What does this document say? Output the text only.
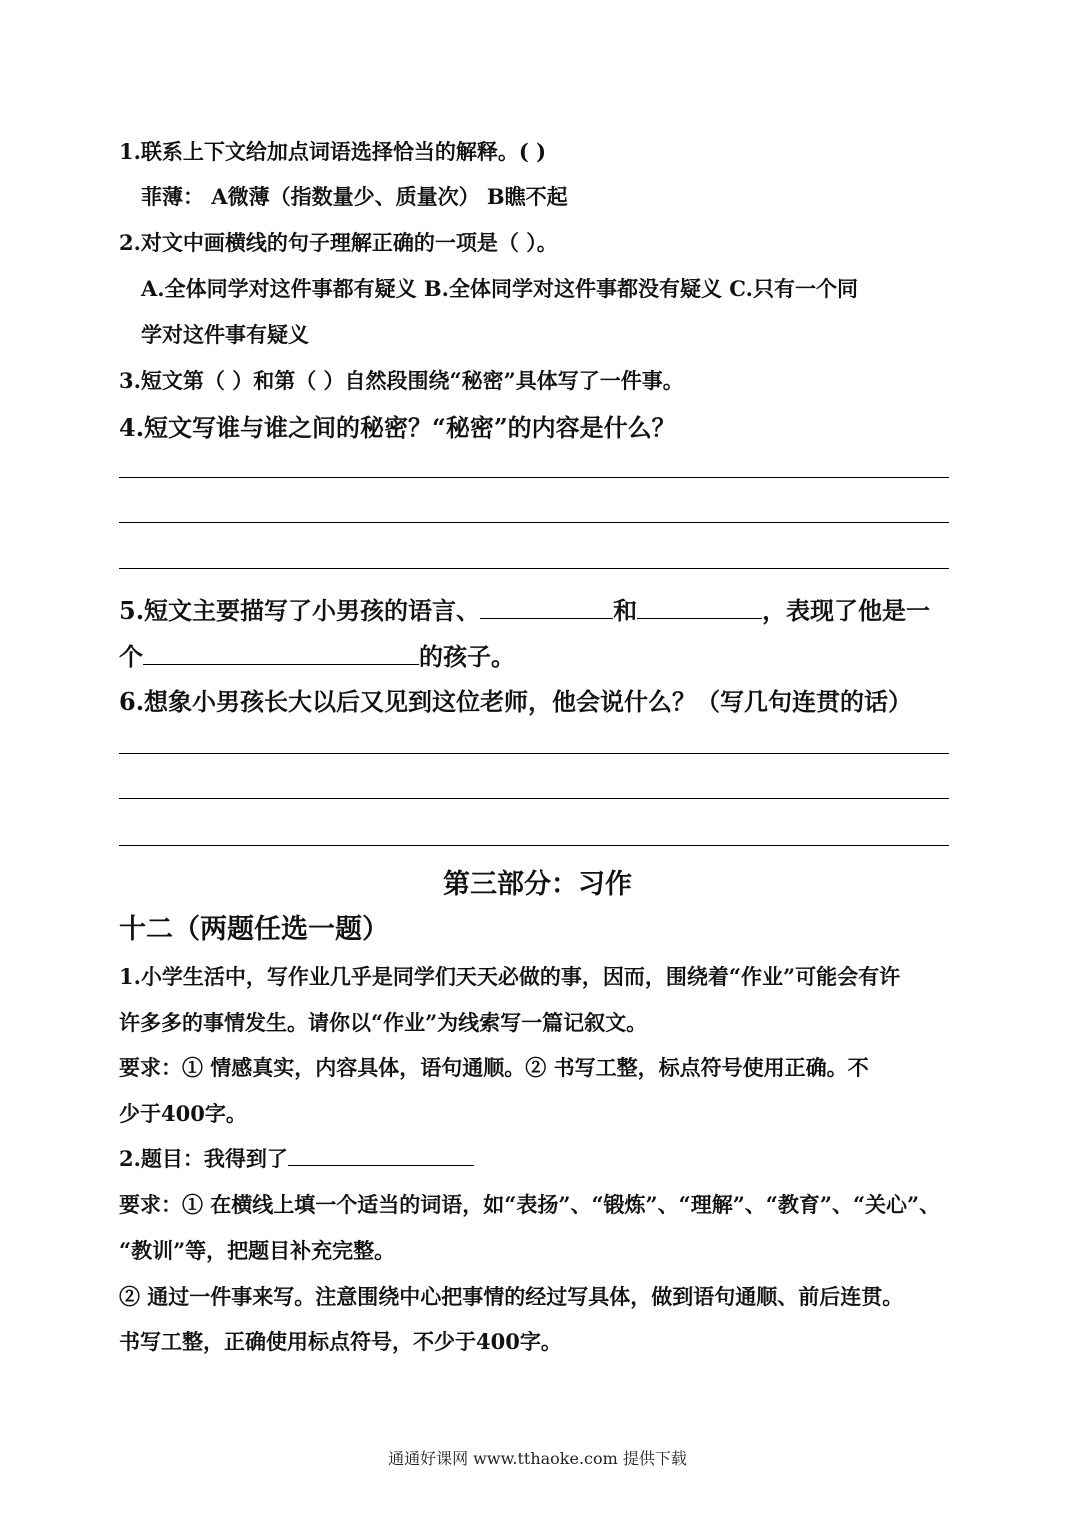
1.联系上下文给加点词语选择恰当的解释。( )
菲薄： A微薄（指数量少、质量次） B瞧不起
2.对文中画横线的句子理解正确的一项是（ ）。
A.全体同学对这件事都有疑义 B.全体同学对这件事都没有疑义 C.只有一个同
学对这件事有疑义
3.短文第（ ）和第（ ）自然段围绕“秘密”具体写了一件事。
4.短文写谁与谁之间的秘密？“秘密”的内容是什么？
5.短文主要描写了小男孩的语言、	和	，表现了他是一
个	的孩子。
6.想象小男孩长大以后又见到这位老师，他会说什么？（写几句连贯的话）
第三部分：习作
十二（两题任选一题）
1.小学生活中，写作业几乎是同学们天天必做的事，因而，围绕着“作业”可能会有许
许多多的事情发生。请你以“作业”为线索写一篇记叙文。
要求：① 情感真实，内容具体，语句通顺。② 书写工整，标点符号使用正确。不
少于400字。
2.题目：我得到了
要求：① 在横线上填一个适当的词语，如“表扬”、“锻炼”、“理解”、“教育”、“关心”、
“教训”等，把题目补充完整。
② 通过一件事来写。注意围绕中心把事情的经过写具体，做到语句通顺、前后连贯。
书写工整，正确使用标点符号，不少于400字。
通通好课网 www.tthaoke.com 提供下载
